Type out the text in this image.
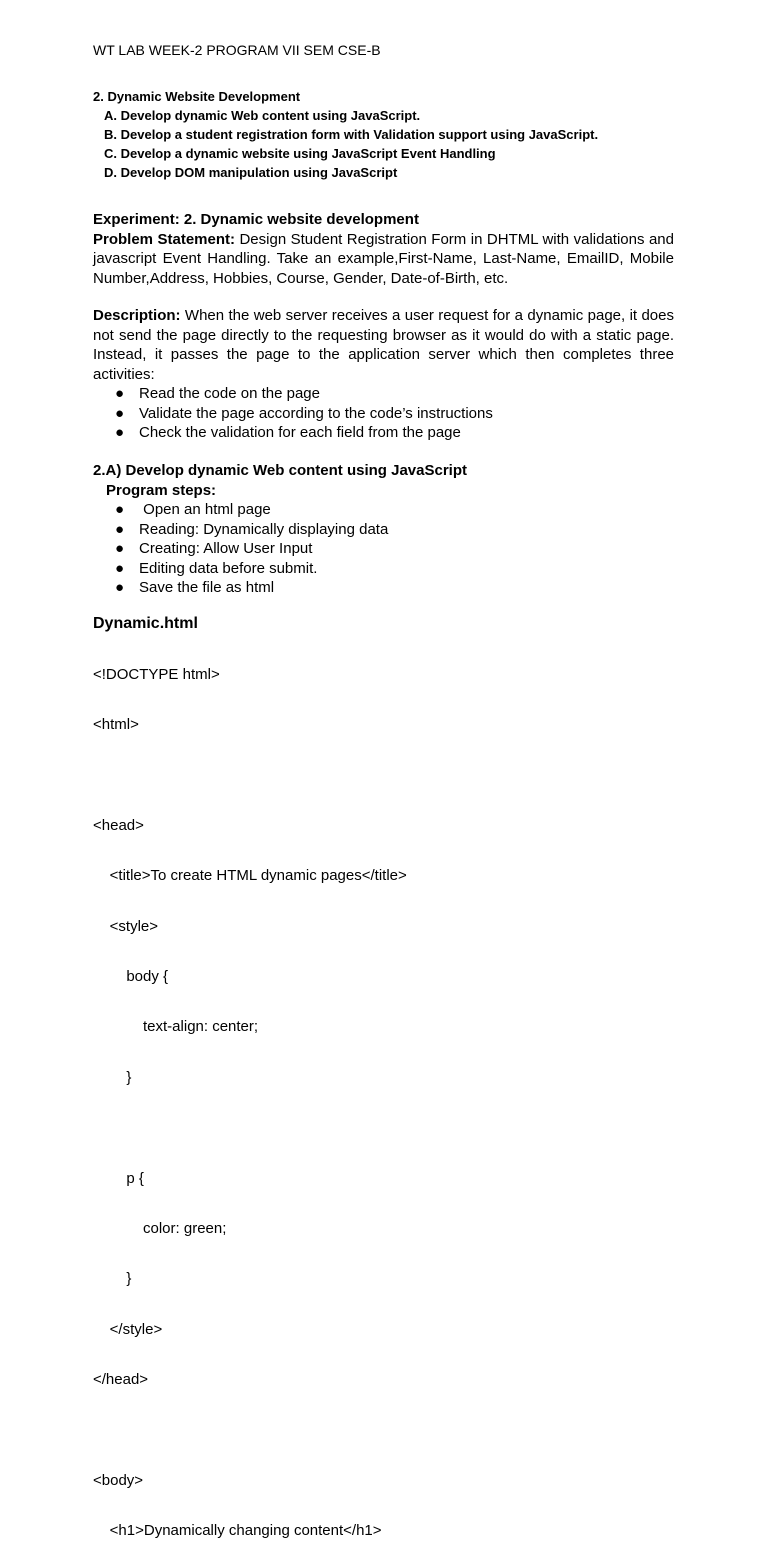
WT LAB WEEK-2 PROGRAM VII SEM CSE-B
2. Dynamic Website Development
A. Develop dynamic Web content using JavaScript.
B. Develop a student registration form with Validation support using JavaScript.
C. Develop a dynamic website using JavaScript Event Handling
D. Develop DOM manipulation using JavaScript
Experiment: 2. Dynamic website development
Problem Statement: Design Student Registration Form in DHTML with validations and javascript Event Handling. Take an example,First-Name, Last-Name, EmailID, Mobile Number,Address, Hobbies, Course, Gender, Date-of-Birth, etc.
Description: When the web server receives a user request for a dynamic page, it does not send the page directly to the requesting browser as it would do with a static page. Instead, it passes the page to the application server which then completes three activities:
● Read the code on the page
● Validate the page according to the code’s instructions
● Check the validation for each field from the page
2.A) Develop dynamic Web content using JavaScript
Program steps:
● Open an html page
● Reading: Dynamically displaying data
● Creating: Allow User Input
● Editing data before submit.
● Save the file as html
Dynamic.html

<!DOCTYPE html>

<html>

<head>

<title>To create HTML dynamic pages</title>

<style>

body {

text-align: center;

}

p {

color: green;

}

</style>

</head>

<body>

<h1>Dynamically changing content</h1>
